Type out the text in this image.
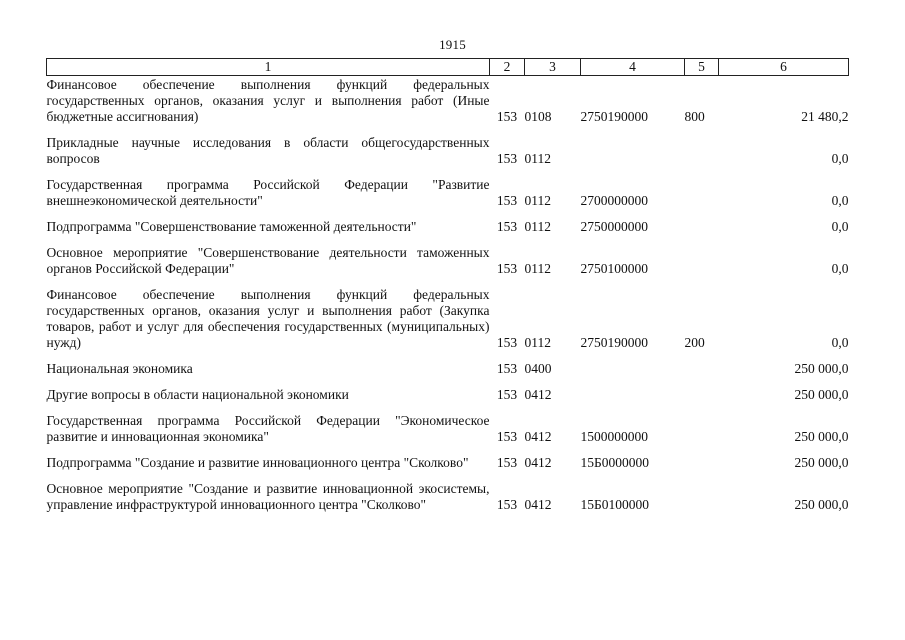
1915
1	2	3	4	5	6
Финансовое обеспечение выполнения функций федеральных государственных органов, оказания услуг и выполнения работ (Иные бюджетные ассигнования)	153	0108	2750190000	800	21 480,2
Прикладные научные исследования в области общегосударственных вопросов	153	0112			0,0
Государственная программа Российской Федерации "Развитие внешнеэкономической деятельности"	153	0112	2700000000		0,0
Подпрограмма "Совершенствование таможенной деятельности"	153	0112	2750000000		0,0
Основное мероприятие "Совершенствование деятельности таможенных органов Российской Федерации"	153	0112	2750100000		0,0
Финансовое обеспечение выполнения функций федеральных государственных органов, оказания услуг и выполнения работ (Закупка товаров, работ и услуг для обеспечения государственных (муниципальных) нужд)	153	0112	2750190000	200	0,0
Национальная экономика	153	0400			250 000,0
Другие вопросы в области национальной экономики	153	0412			250 000,0
Государственная программа Российской Федерации "Экономическое развитие и инновационная экономика"	153	0412	1500000000		250 000,0
Подпрограмма "Создание и развитие инновационного центра "Сколково"	153	0412	15Б0000000		250 000,0
Основное мероприятие "Создание и развитие инновационной экосистемы, управление инфраструктурой инновационного центра "Сколково"	153	0412	15Б0100000		250 000,0
